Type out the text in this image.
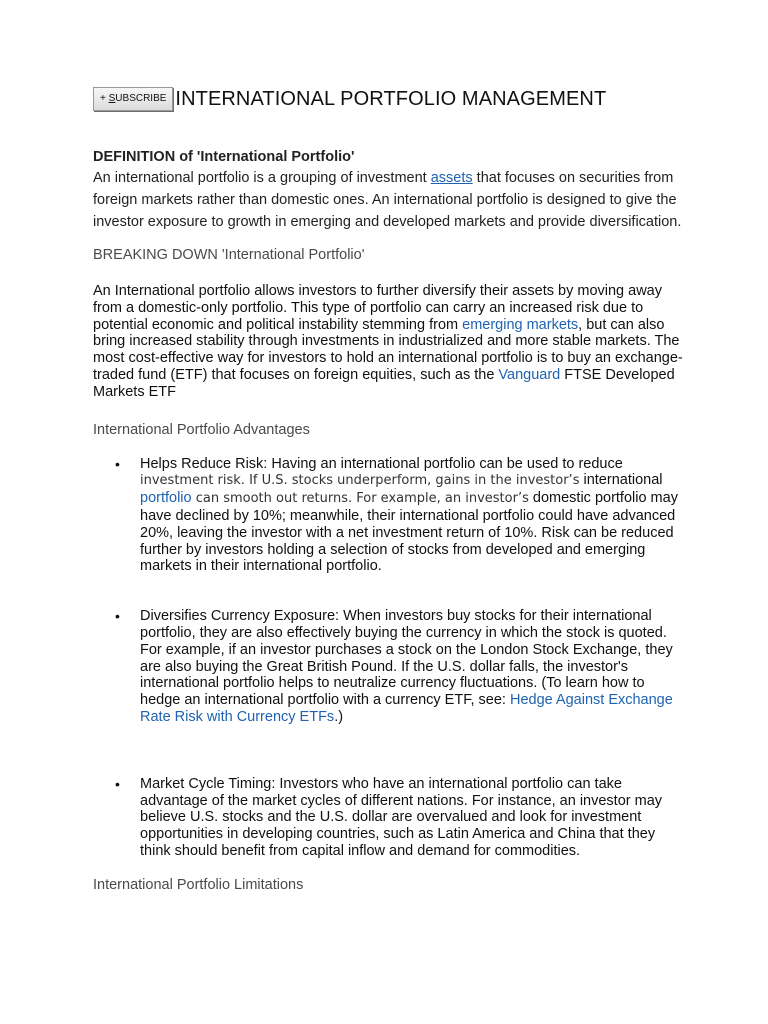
+ SUBSCRIBE INTERNATIONAL PORTFOLIO MANAGEMENT
DEFINITION of 'International Portfolio'
An international portfolio is a grouping of investment assets that focuses on securities from foreign markets rather than domestic ones. An international portfolio is designed to give the investor exposure to growth in emerging and developed markets and provide diversification.
BREAKING DOWN 'International Portfolio'
An International portfolio allows investors to further diversify their assets by moving away from a domestic-only portfolio. This type of portfolio can carry an increased risk due to potential economic and political instability stemming from emerging markets, but can also bring increased stability through investments in industrialized and more stable markets. The most cost-effective way for investors to hold an international portfolio is to buy an exchange-traded fund (ETF) that focuses on foreign equities, such as the Vanguard FTSE Developed Markets ETF
International Portfolio Advantages
• Helps Reduce Risk: Having an international portfolio can be used to reduce investment risk. If U.S. stocks underperform, gains in the investor’s international portfolio can smooth out returns. For example, an investor’s domestic portfolio may have declined by 10%; meanwhile, their international portfolio could have advanced 20%, leaving the investor with a net investment return of 10%. Risk can be reduced further by investors holding a selection of stocks from developed and emerging markets in their international portfolio.
• Diversifies Currency Exposure: When investors buy stocks for their international portfolio, they are also effectively buying the currency in which the stock is quoted. For example, if an investor purchases a stock on the London Stock Exchange, they are also buying the Great British Pound. If the U.S. dollar falls, the investor's international portfolio helps to neutralize currency fluctuations. (To learn how to hedge an international portfolio with a currency ETF, see: Hedge Against Exchange Rate Risk with Currency ETFs.)
• Market Cycle Timing: Investors who have an international portfolio can take advantage of the market cycles of different nations. For instance, an investor may believe U.S. stocks and the U.S. dollar are overvalued and look for investment opportunities in developing countries, such as Latin America and China that they think should benefit from capital inflow and demand for commodities.
International Portfolio Limitations
